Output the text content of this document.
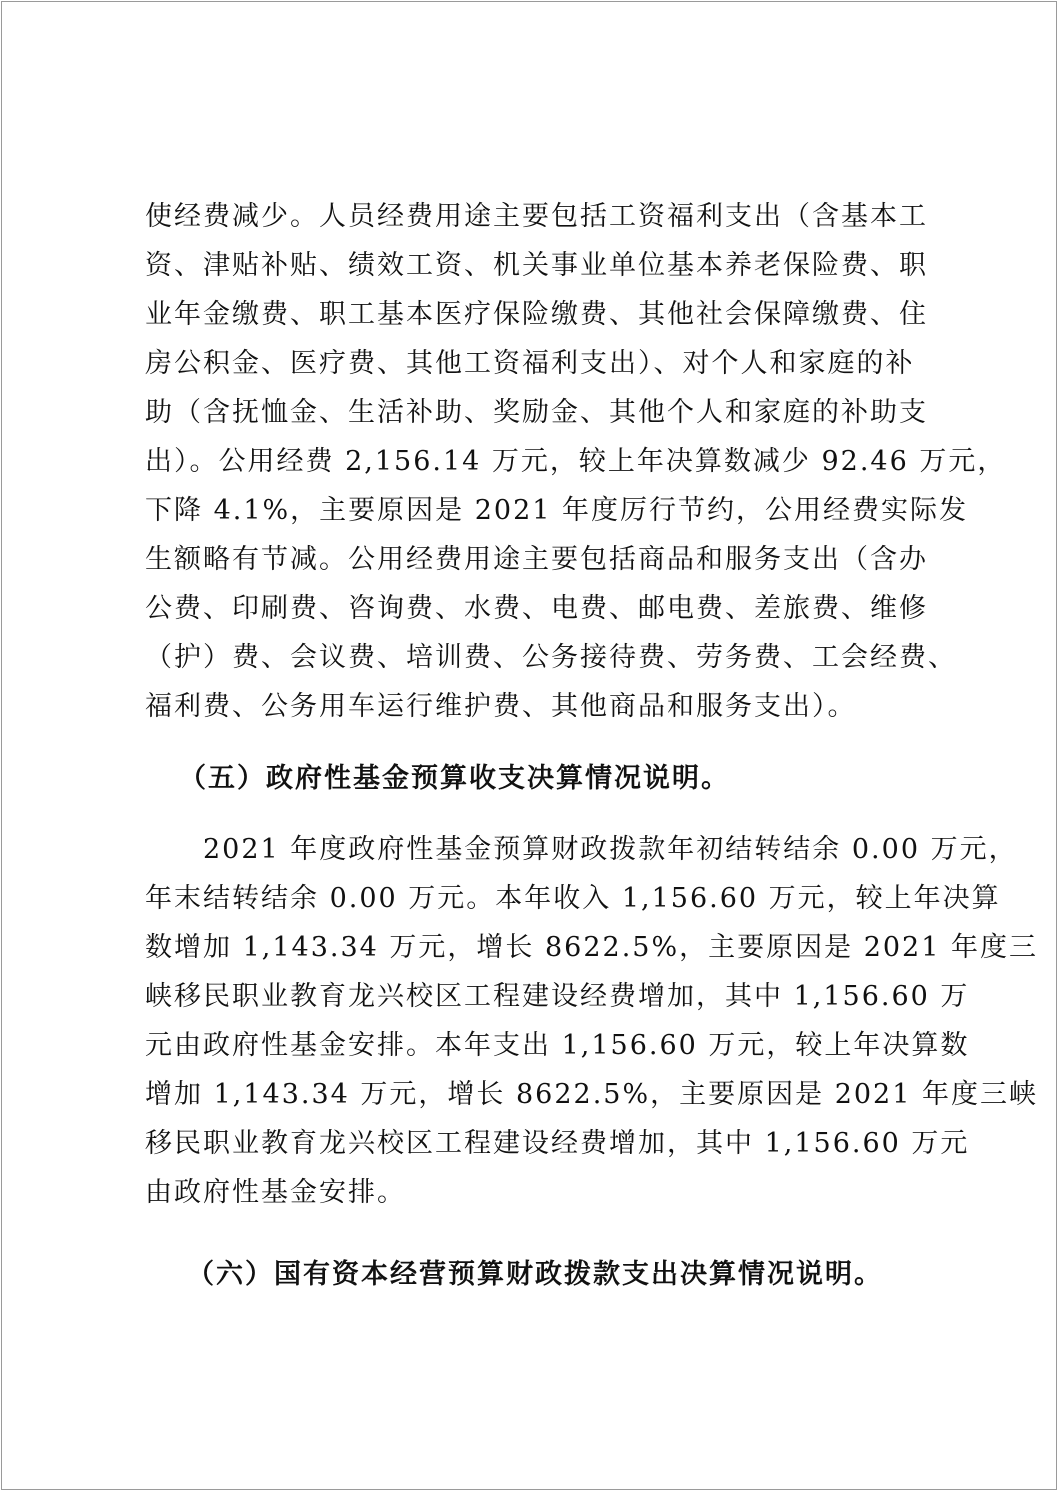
使经费减少。人员经费用途主要包括工资福利支出（含基本工
资、津贴补贴、绩效工资、机关事业单位基本养老保险费、职
业年金缴费、职工基本医疗保险缴费、其他社会保障缴费、住
房公积金、医疗费、其他工资福利支出）、对个人和家庭的补
助（含抚恤金、生活补助、奖励金、其他个人和家庭的补助支
出）。公用经费 2,156.14 万元，较上年决算数减少 92.46 万元，
下降 4.1%，主要原因是 2021 年度厉行节约，公用经费实际发
生额略有节减。公用经费用途主要包括商品和服务支出（含办
公费、印刷费、咨询费、水费、电费、邮电费、差旅费、维修
（护）费、会议费、培训费、公务接待费、劳务费、工会经费、
福利费、公务用车运行维护费、其他商品和服务支出）。
（五）政府性基金预算收支决算情况说明。
2021 年度政府性基金预算财政拨款年初结转结余 0.00 万元，
年末结转结余 0.00 万元。本年收入 1,156.60 万元，较上年决算
数增加 1,143.34 万元，增长 8622.5%，主要原因是 2021 年度三
峡移民职业教育龙兴校区工程建设经费增加，其中 1,156.60 万
元由政府性基金安排。本年支出 1,156.60 万元，较上年决算数
增加 1,143.34 万元，增长 8622.5%，主要原因是 2021 年度三峡
移民职业教育龙兴校区工程建设经费增加，其中 1,156.60 万元
由政府性基金安排。
（六）国有资本经营预算财政拨款支出决算情况说明。
